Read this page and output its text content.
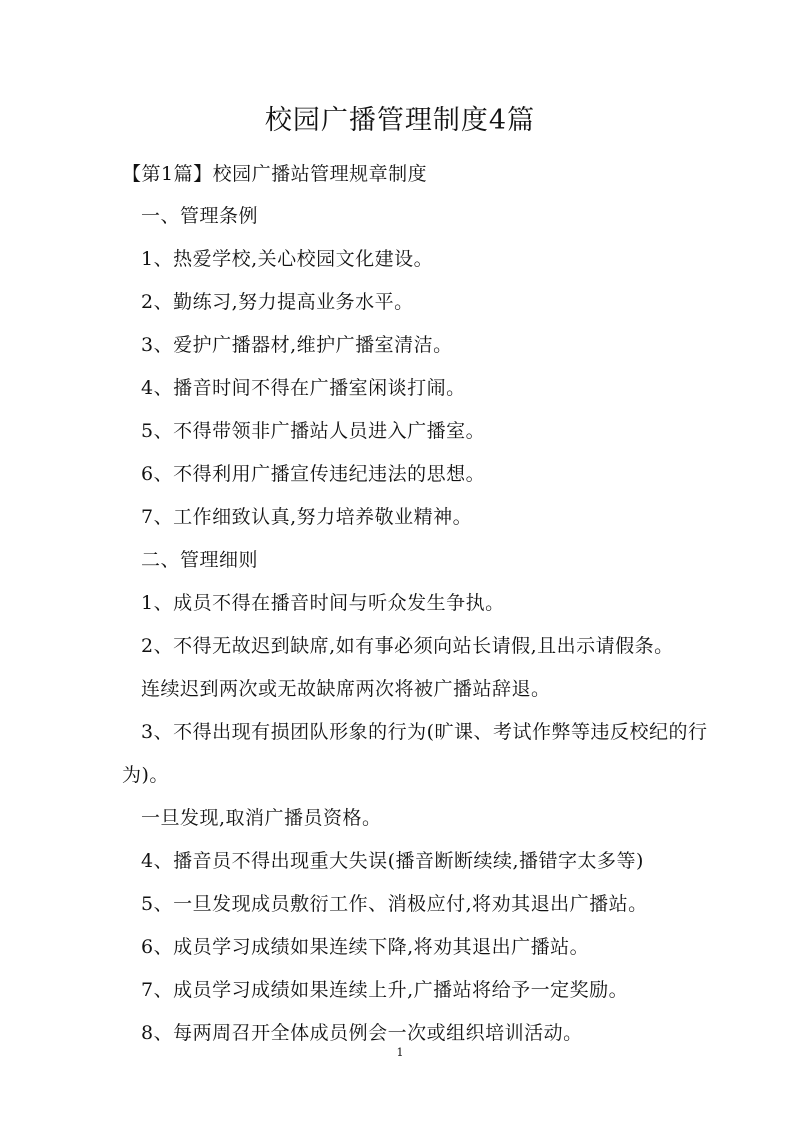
校园广播管理制度4篇

【第1篇】校园广播站管理规章制度

一、管理条例

1、热爱学校,关心校园文化建设。

2、勤练习,努力提高业务水平。

3、爱护广播器材,维护广播室清洁。

4、播音时间不得在广播室闲谈打闹。

5、不得带领非广播站人员进入广播室。

6、不得利用广播宣传违纪违法的思想。

7、工作细致认真,努力培养敬业精神。

二、管理细则

1、成员不得在播音时间与听众发生争执。

2、不得无故迟到缺席,如有事必须向站长请假,且出示请假条。

连续迟到两次或无故缺席两次将被广播站辞退。

3、不得出现有损团队形象的行为(旷课、考试作弊等违反校纪的行

为)。

一旦发现,取消广播员资格。

4、播音员不得出现重大失误(播音断断续续,播错字太多等)

5、一旦发现成员敷衍工作、消极应付,将劝其退出广播站。

6、成员学习成绩如果连续下降,将劝其退出广播站。

7、成员学习成绩如果连续上升,广播站将给予一定奖励。

8、每两周召开全体成员例会一次或组织培训活动。

1
